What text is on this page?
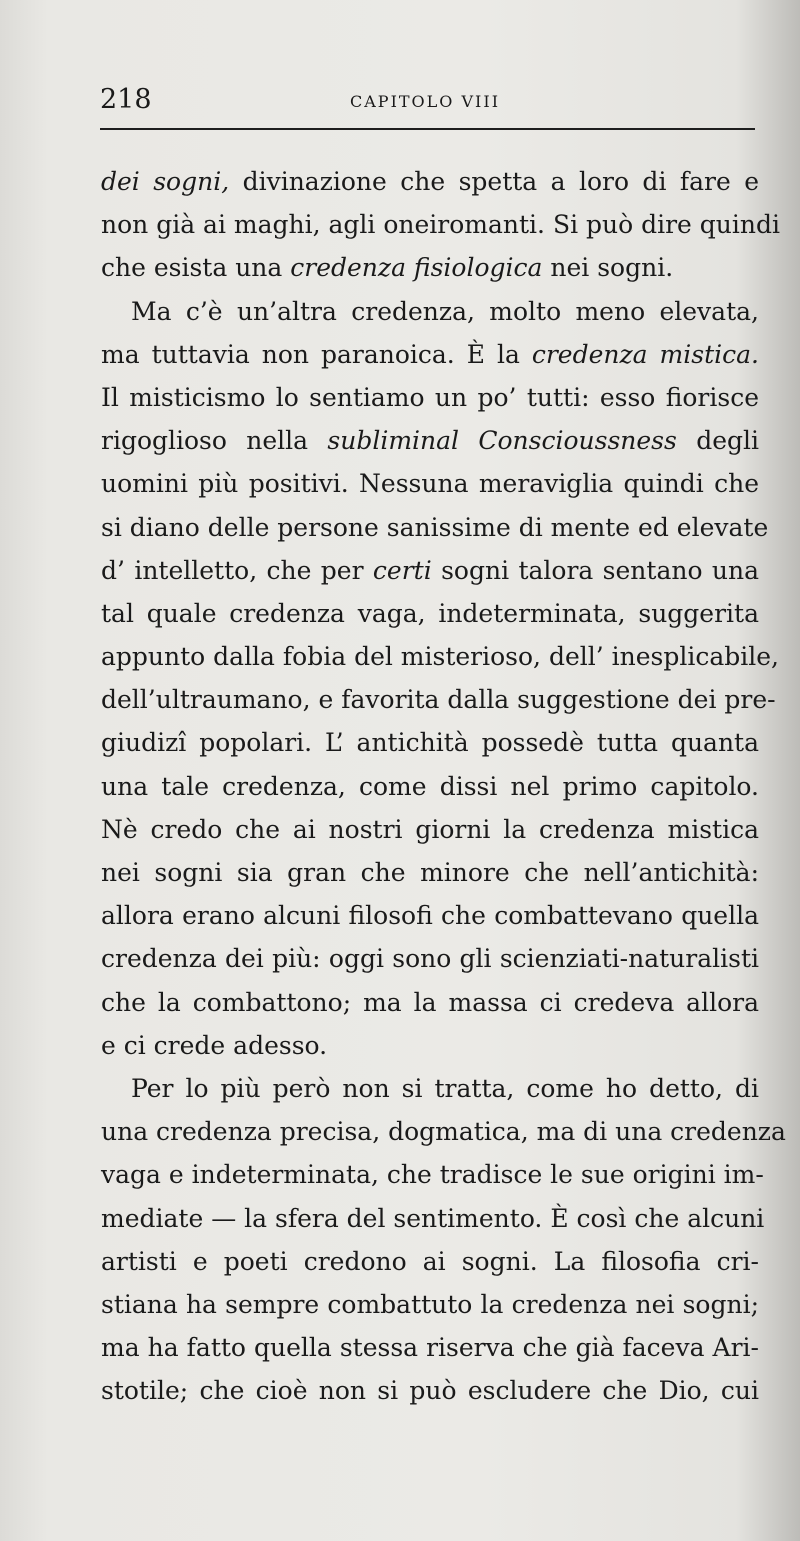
218	CAPITOLO VIII
dei sogni, divinazione che spetta a loro di fare e
non già ai maghi, agli oneiromanti. Si può dire quindi
che esista una credenza fisiologica nei sogni.
Ma c’è un’altra credenza, molto meno elevata,
ma tuttavia non paranoica. È la credenza mistica.
Il misticismo lo sentiamo un po’ tutti: esso fiorisce
rigoglioso nella subliminal Conscioussness degli
uomini più positivi. Nessuna meraviglia quindi che
si diano delle persone sanissime di mente ed elevate
d’ intelletto, che per certi sogni talora sentano una
tal quale credenza vaga, indeterminata, suggerita
appunto dalla fobia del misterioso, dell’ inesplicabile,
dell’ultraumano, e favorita dalla suggestione dei pre-
giudizî popolari. L’ antichità possedè tutta quanta
una tale credenza, come dissi nel primo capitolo.
Nè credo che ai nostri giorni la credenza mistica
nei sogni sia gran che minore che nell’antichità:
allora erano alcuni filosofi che combattevano quella
credenza dei più: oggi sono gli scienziati-naturalisti
che la combattono; ma la massa ci credeva allora
e ci crede adesso.
Per lo più però non si tratta, come ho detto, di
una credenza precisa, dogmatica, ma di una credenza
vaga e indeterminata, che tradisce le sue origini im-
mediate — la sfera del sentimento. È così che alcuni
artisti e poeti credono ai sogni. La filosofia cri-
stiana ha sempre combattuto la credenza nei sogni;
ma ha fatto quella stessa riserva che già faceva Ari-
stotile; che cioè non si può escludere che Dio, cui
